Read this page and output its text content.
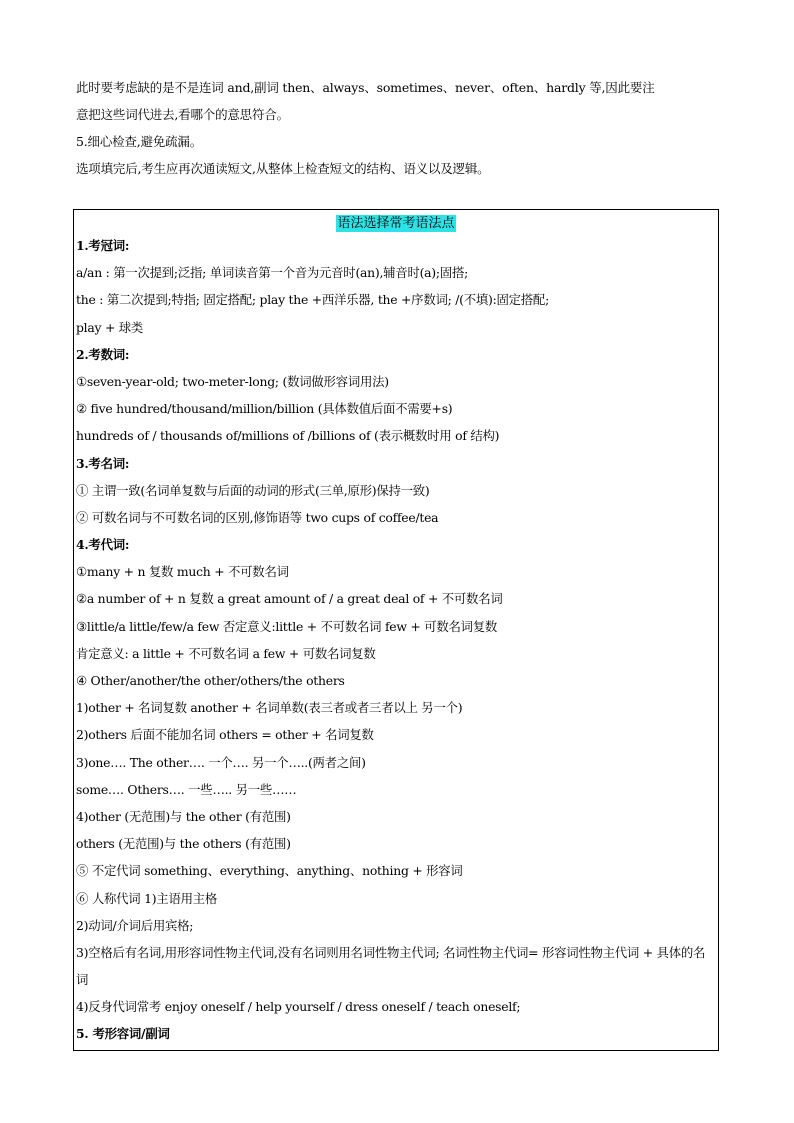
此时要考虑缺的是不是连词 and,副词 then、always、sometimes、never、often、hardly 等,因此要注

意把这些词代进去,看哪个的意思符合。

5.细心检查,避免疏漏。

选项填完后,考生应再次通读短文,从整体上检查短文的结构、语义以及逻辑。

语法选择常考语法点
1.考冠词:
a/an : 第一次提到;泛指; 单词读音第一个音为元音时(an),辅音时(a);固搭;
the : 第二次提到;特指; 固定搭配; play the +西洋乐器, the +序数词; /(不填):固定搭配;
play + 球类
2.考数词:
①seven-year-old; two-meter-long; (数词做形容词用法)
② five hundred/thousand/million/billion (具体数值后面不需要+s)
hundreds of / thousands of/millions of /billions of (表示概数时用 of 结构)
3.考名词:
① 主谓一致(名词单复数与后面的动词的形式(三单,原形)保持一致)
② 可数名词与不可数名词的区别,修饰语等 two cups of coffee/tea
4.考代词:
①many + n 复数 much + 不可数名词
②a number of + n 复数 a great amount of / a great deal of + 不可数名词
③little/a little/few/a few 否定意义:little + 不可数名词 few + 可数名词复数
肯定意义: a little + 不可数名词 a few + 可数名词复数
④ Other/another/the other/others/the others
1)other + 名词复数 another + 名词单数(表三者或者三者以上 另一个)
2)others 后面不能加名词 others = other + 名词复数
3)one…. The other…. 一个…. 另一个…..(两者之间)
some…. Others…. 一些….. 另一些……
4)other (无范围)与 the other (有范围)
others (无范围)与 the others (有范围)
⑤ 不定代词 something、everything、anything、nothing + 形容词
⑥ 人称代词 1)主语用主格
2)动词/介词后用宾格;
3)空格后有名词,用形容词性物主代词,没有名词则用名词性物主代词; 名词性物主代词= 形容词性物主代词 + 具体的名词
4)反身代词常考 enjoy oneself / help yourself / dress oneself / teach oneself;
5. 考形容词/副词
